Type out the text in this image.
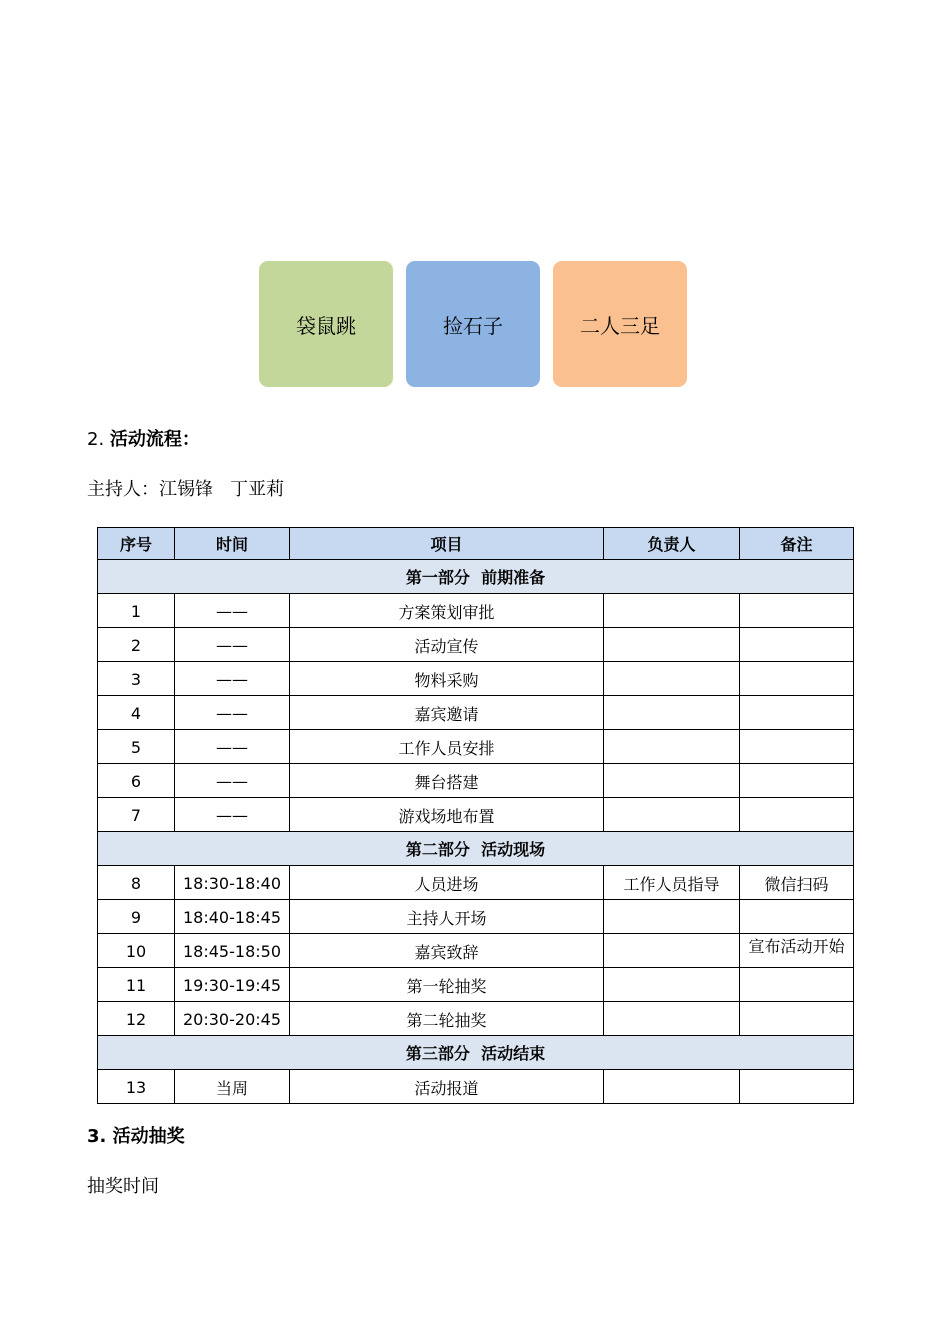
袋鼠跳	捡石子	二人三足
2. 活动流程：
主持人：江锡锋   丁亚莉
序号	时间	项目	负责人	备注
第一部分  前期准备				
1	——	方案策划审批		
2	——	活动宣传		
3	——	物料采购		
4	——	嘉宾邀请		
5	——	工作人员安排		
6	——	舞台搭建		
7	——	游戏场地布置		
第二部分  活动现场				
8	18:30-18:40	人员进场	工作人员指导	微信扫码
9	18:40-18:45	主持人开场		
10	18:45-18:50	嘉宾致辞		宣布活动开始

11	19:30-19:45	第一轮抽奖		
12	20:30-20:45	第二轮抽奖		
第三部分  活动结束				
13	当周	活动报道		
3. 活动抽奖
抽奖时间
